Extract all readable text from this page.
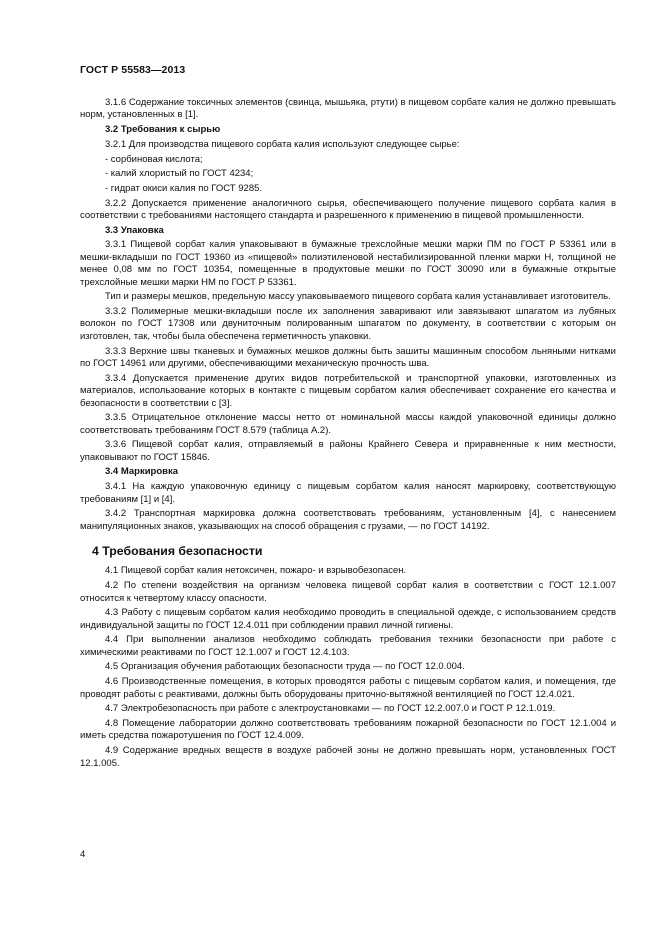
ГОСТ Р 55583—2013

3.1.6 Содержание токсичных элементов (свинца, мышьяка, ртути) в пищевом сорбате калия не должно превышать норм, установленных в [1].

3.2 Требования к сырью

3.2.1 Для производства пищевого сорбата калия используют следующее сырье:

- сорбиновая кислота;

- калий хлористый по ГОСТ 4234;

- гидрат окиси калия по ГОСТ 9285.

3.2.2 Допускается применение аналогичного сырья, обеспечивающего получение пищевого сорбата калия в соответствии с требованиями настоящего стандарта и разрешенного к применению в пищевой промышленности.

3.3 Упаковка

3.3.1 Пищевой сорбат калия упаковывают в бумажные трехслойные мешки марки ПМ по ГОСТ Р 53361 или в мешки-вкладыши по ГОСТ 19360 из «пищевой» полиэтиленовой нестабилизированной пленки марки Н, толщиной не менее 0,08 мм по ГОСТ 10354, помещенные в продуктовые мешки по ГОСТ 30090 или в бумажные открытые трехслойные мешки марки НМ по ГОСТ Р 53361.

Тип и размеры мешков, предельную массу упаковываемого пищевого сорбата калия устанавливает изготовитель.

3.3.2 Полимерные мешки-вкладыши после их заполнения заваривают или завязывают шпагатом из лубяных волокон по ГОСТ 17308 или двуниточным полированным шпагатом по документу, в соответствии с которым он изготовлен, так, чтобы была обеспечена герметичность упаковки.

3.3.3 Верхние швы тканевых и бумажных мешков должны быть зашиты машинным способом льняными нитками по ГОСТ 14961 или другими, обеспечивающими механическую прочность шва.

3.3.4 Допускается применение других видов потребительской и транспортной упаковки, изготовленных из материалов, использование которых в контакте с пищевым сорбатом калия обеспечивает сохранение его качества и безопасности в соответствии с [3].

3.3.5 Отрицательное отклонение массы нетто от номинальной массы каждой упаковочной единицы должно соответствовать требованиям ГОСТ 8.579 (таблица А.2).

3.3.6 Пищевой сорбат калия, отправляемый в районы Крайнего Севера и приравненные к ним местности, упаковывают по ГОСТ 15846.

3.4 Маркировка

3.4.1 На каждую упаковочную единицу с пищевым сорбатом калия наносят маркировку, соответствующую требованиям [1] и [4].

3.4.2 Транспортная маркировка должна соответствовать требованиям, установленным [4], с нанесением манипуляционных знаков, указывающих на способ обращения с грузами, — по ГОСТ 14192.

4 Требования безопасности

4.1 Пищевой сорбат калия нетоксичен, пожаро- и взрывобезопасен.

4.2 По степени воздействия на организм человека пищевой сорбат калия в соответствии с ГОСТ 12.1.007 относится к четвертому классу опасности.

4.3 Работу с пищевым сорбатом калия необходимо проводить в специальной одежде, с использованием средств индивидуальной защиты по ГОСТ 12.4.011 при соблюдении правил личной гигиены.

4.4 При выполнении анализов необходимо соблюдать требования техники безопасности при работе с химическими реактивами по ГОСТ 12.1.007 и ГОСТ 12.4.103.

4.5 Организация обучения работающих безопасности труда — по ГОСТ 12.0.004.

4.6 Производственные помещения, в которых проводятся работы с пищевым сорбатом калия, и помещения, где проводят работы с реактивами, должны быть оборудованы приточно-вытяжной вентиляцией по ГОСТ 12.4.021.

4.7 Электробезопасность при работе с электроустановками — по ГОСТ 12.2.007.0 и ГОСТ Р 12.1.019.

4.8 Помещение лаборатории должно соответствовать требованиям пожарной безопасности по ГОСТ 12.1.004 и иметь средства пожаротушения по ГОСТ 12.4.009.

4.9 Содержание вредных веществ в воздухе рабочей зоны не должно превышать норм, установленных ГОСТ 12.1.005.

4
